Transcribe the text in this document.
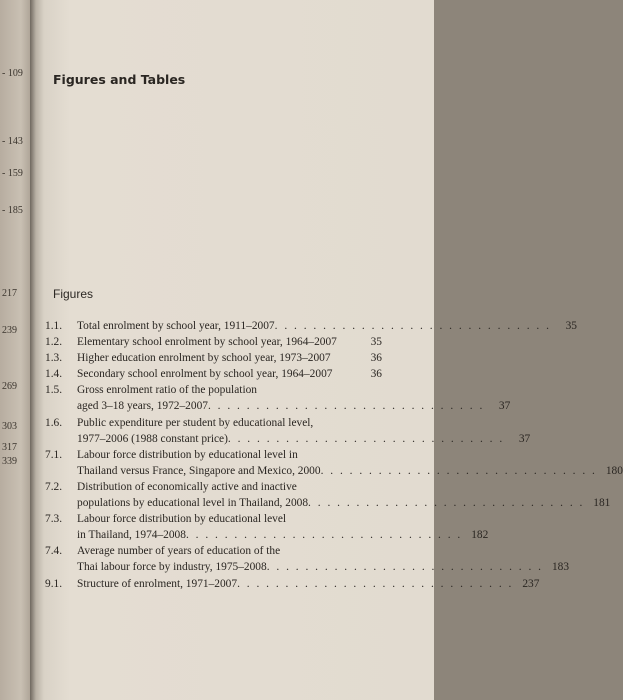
- 109
- 143
- 159
- 185
217
239
269
303
317
339
Figures and Tables
Figures
1.1.	Total enrolment by school year, 1911–2007 . . . . . . . . . . . . . . . . . . . . . . . . . . . . .	35
1.2.	Elementary school enrolment by school year, 1964–2007	35
1.3.	Higher education enrolment by school year, 1973–2007	36
1.4.	Secondary school enrolment by school year, 1964–2007	36
1.5.	Gross enrolment ratio of the population
aged 3–18 years, 1972–2007 . . . . . . . . . . . . . . . . . . . . . . . . . . . . .	37
1.6.	Public expenditure per student by educational level,
1977–2006 (1988 constant price) . . . . . . . . . . . . . . . . . . . . . . . . . . . . .	37
7.1.	Labour force distribution by educational level in
Thailand versus France, Singapore and Mexico, 2000 . . . . . . . . . . . . . . . . . . . . . . . . . . . . . 180
7.2.	Distribution of economically active and inactive
populations by educational level in Thailand, 2008 . . . . . . . . . . . . . . . . . . . . . . . . . . . . . 181
7.3.	Labour force distribution by educational level
in Thailand, 1974–2008 . . . . . . . . . . . . . . . . . . . . . . . . . . . . . 182
7.4.	Average number of years of education of the
Thai labour force by industry, 1975–2008 . . . . . . . . . . . . . . . . . . . . . . . . . . . . . 183
9.1.	Structure of enrolment, 1971–2007 . . . . . . . . . . . . . . . . . . . . . . . . . . . . . 237
